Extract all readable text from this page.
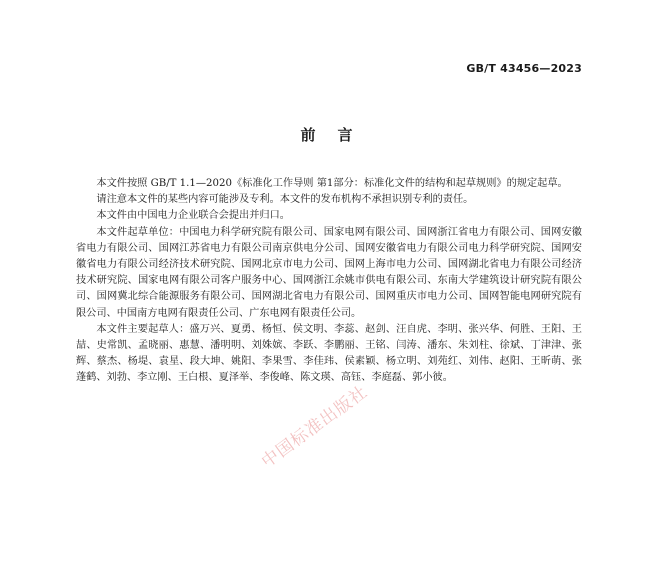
GB/T 43456—2023
前 言

本文件按照 GB/T 1.1—2020《标准化工作导则 第1部分：标准化文件的结构和起草规则》的规定起草。

请注意本文件的某些内容可能涉及专利。本文件的发布机构不承担识别专利的责任。

本文件由中国电力企业联合会提出并归口。

本文件起草单位：中国电力科学研究院有限公司、国家电网有限公司、国网浙江省电力有限公司、国网安徽省电力有限公司、国网江苏省电力有限公司南京供电分公司、国网安徽省电力有限公司电力科学研究院、国网安徽省电力有限公司经济技术研究院、国网北京市电力公司、国网上海市电力公司、国网湖北省电力有限公司经济技术研究院、国家电网有限公司客户服务中心、国网浙江余姚市供电有限公司、东南大学建筑设计研究院有限公司、国网冀北综合能源服务有限公司、国网湖北省电力有限公司、国网重庆市电力公司、国网智能电网研究院有限公司、中国南方电网有限责任公司、广东电网有限责任公司。

本文件主要起草人：盛万兴、夏勇、杨恒、侯文明、李蕊、赵剑、汪自虎、李明、张兴华、何胜、王阳、王喆、史常凯、孟晓丽、惠慧、潘明明、刘姝嫔、李跃、李鹏丽、王铭、闫涛、潘东、朱刘柱、徐斌、丁津津、张辉、蔡杰、杨堤、袁星、段大坤、姚阳、李果雪、李佳玮、侯素颖、杨立明、刘苑红、刘伟、赵阳、王昕萌、张蓬鹤、刘勃、李立刚、王白根、夏泽举、李俊峰、陈文瑛、高钰、李庭磊、郭小彼。

中国标准出版社
